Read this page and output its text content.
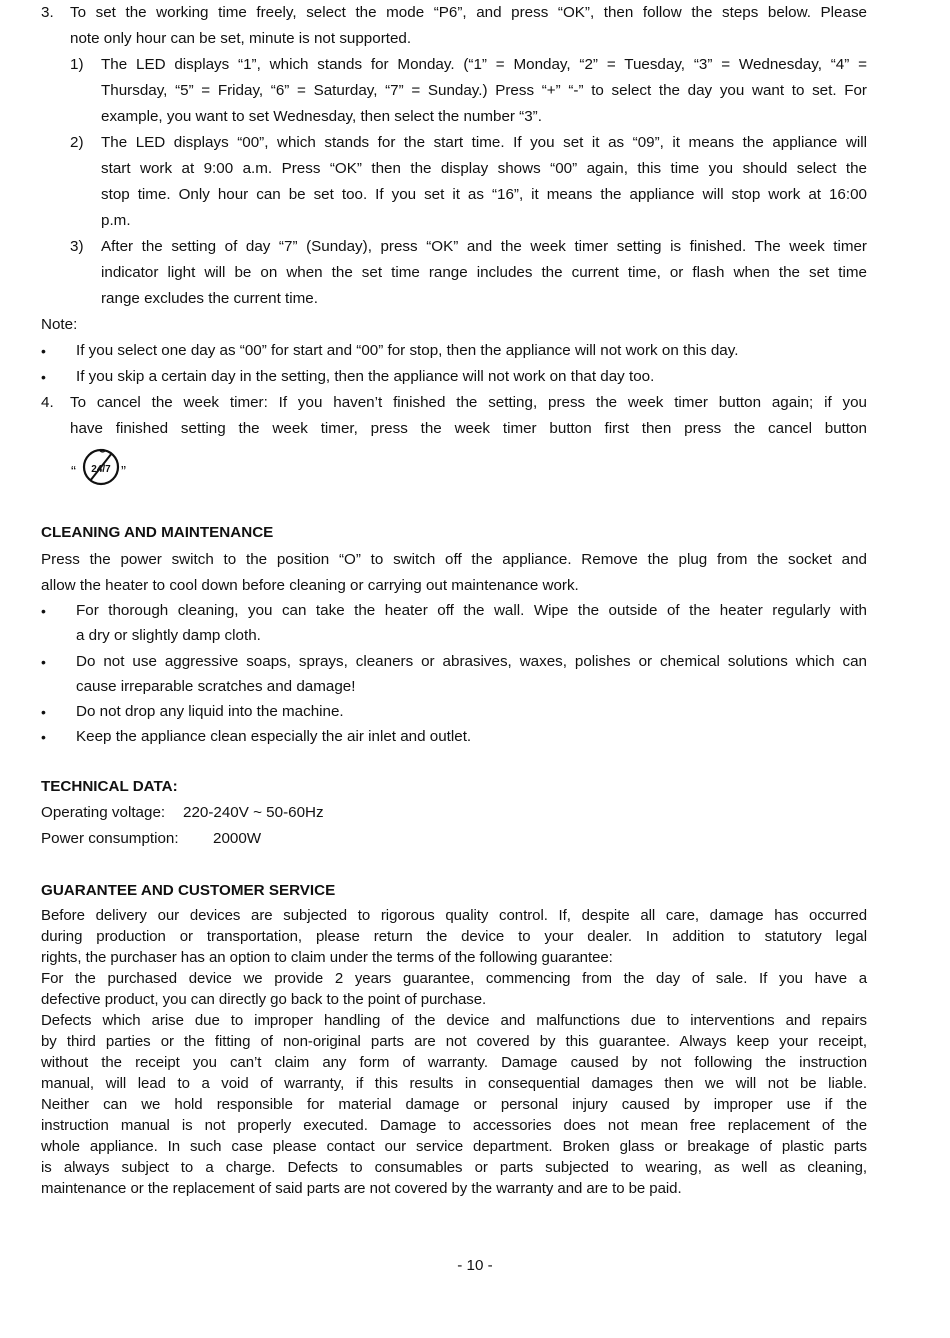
3. To set the working time freely, select the mode “P6”, and press “OK”, then follow the steps below. Please
note only hour can be set, minute is not supported.
1) The LED displays “1”, which stands for Monday. (“1” = Monday, “2” = Tuesday, “3” = Wednesday, “4” =
Thursday, “5” = Friday, “6” = Saturday, “7” = Sunday.) Press “+” “-” to select the day you want to set. For
example, you want to set Wednesday, then select the number “3”.
2) The LED displays “00”, which stands for the start time. If you set it as “09”, it means the appliance will
start work at 9:00 a.m. Press “OK” then the display shows “00” again, this time you should select the
stop time. Only hour can be set too. If you set it as “16”, it means the appliance will stop work at 16:00
p.m.
3) After the setting of day “7” (Sunday), press “OK” and the week timer setting is finished. The week timer
indicator light will be on when the set time range includes the current time, or flash when the set time
range excludes the current time.
Note:
• If you select one day as “00” for start and “00” for stop, then the appliance will not work on this day.
• If you skip a certain day in the setting, then the appliance will not work on that day too.
4. To cancel the week timer: If you haven’t finished the setting, press the week timer button again; if you
have finished setting the week timer, press the week timer button first then press the cancel button
“ 24/7 ”
CLEANING AND MAINTENANCE
Press the power switch to the position “O” to switch off the appliance. Remove the plug from the socket and
allow the heater to cool down before cleaning or carrying out maintenance work.
• For thorough cleaning, you can take the heater off the wall. Wipe the outside of the heater regularly with
a dry or slightly damp cloth.
• Do not use aggressive soaps, sprays, cleaners or abrasives, waxes, polishes or chemical solutions which can
cause irreparable scratches and damage!
• Do not drop any liquid into the machine.
• Keep the appliance clean especially the air inlet and outlet.
TECHNICAL DATA:
Operating voltage: 220-240V ~ 50-60Hz
Power consumption: 2000W
GUARANTEE AND CUSTOMER SERVICE
Before delivery our devices are subjected to rigorous quality control. If, despite all care, damage has occurred
during production or transportation, please return the device to your dealer. In addition to statutory legal
rights, the purchaser has an option to claim under the terms of the following guarantee:
For the purchased device we provide 2 years guarantee, commencing from the day of sale. If you have a
defective product, you can directly go back to the point of purchase.
Defects which arise due to improper handling of the device and malfunctions due to interventions and repairs
by third parties or the fitting of non-original parts are not covered by this guarantee. Always keep your receipt,
without the receipt you can’t claim any form of warranty. Damage caused by not following the instruction
manual, will lead to a void of warranty, if this results in consequential damages then we will not be liable.
Neither can we hold responsible for material damage or personal injury caused by improper use if the
instruction manual is not properly executed. Damage to accessories does not mean free replacement of the
whole appliance. In such case please contact our service department. Broken glass or breakage of plastic parts
is always subject to a charge. Defects to consumables or parts subjected to wearing, as well as cleaning,
maintenance or the replacement of said parts are not covered by the warranty and are to be paid.
- 10 -
